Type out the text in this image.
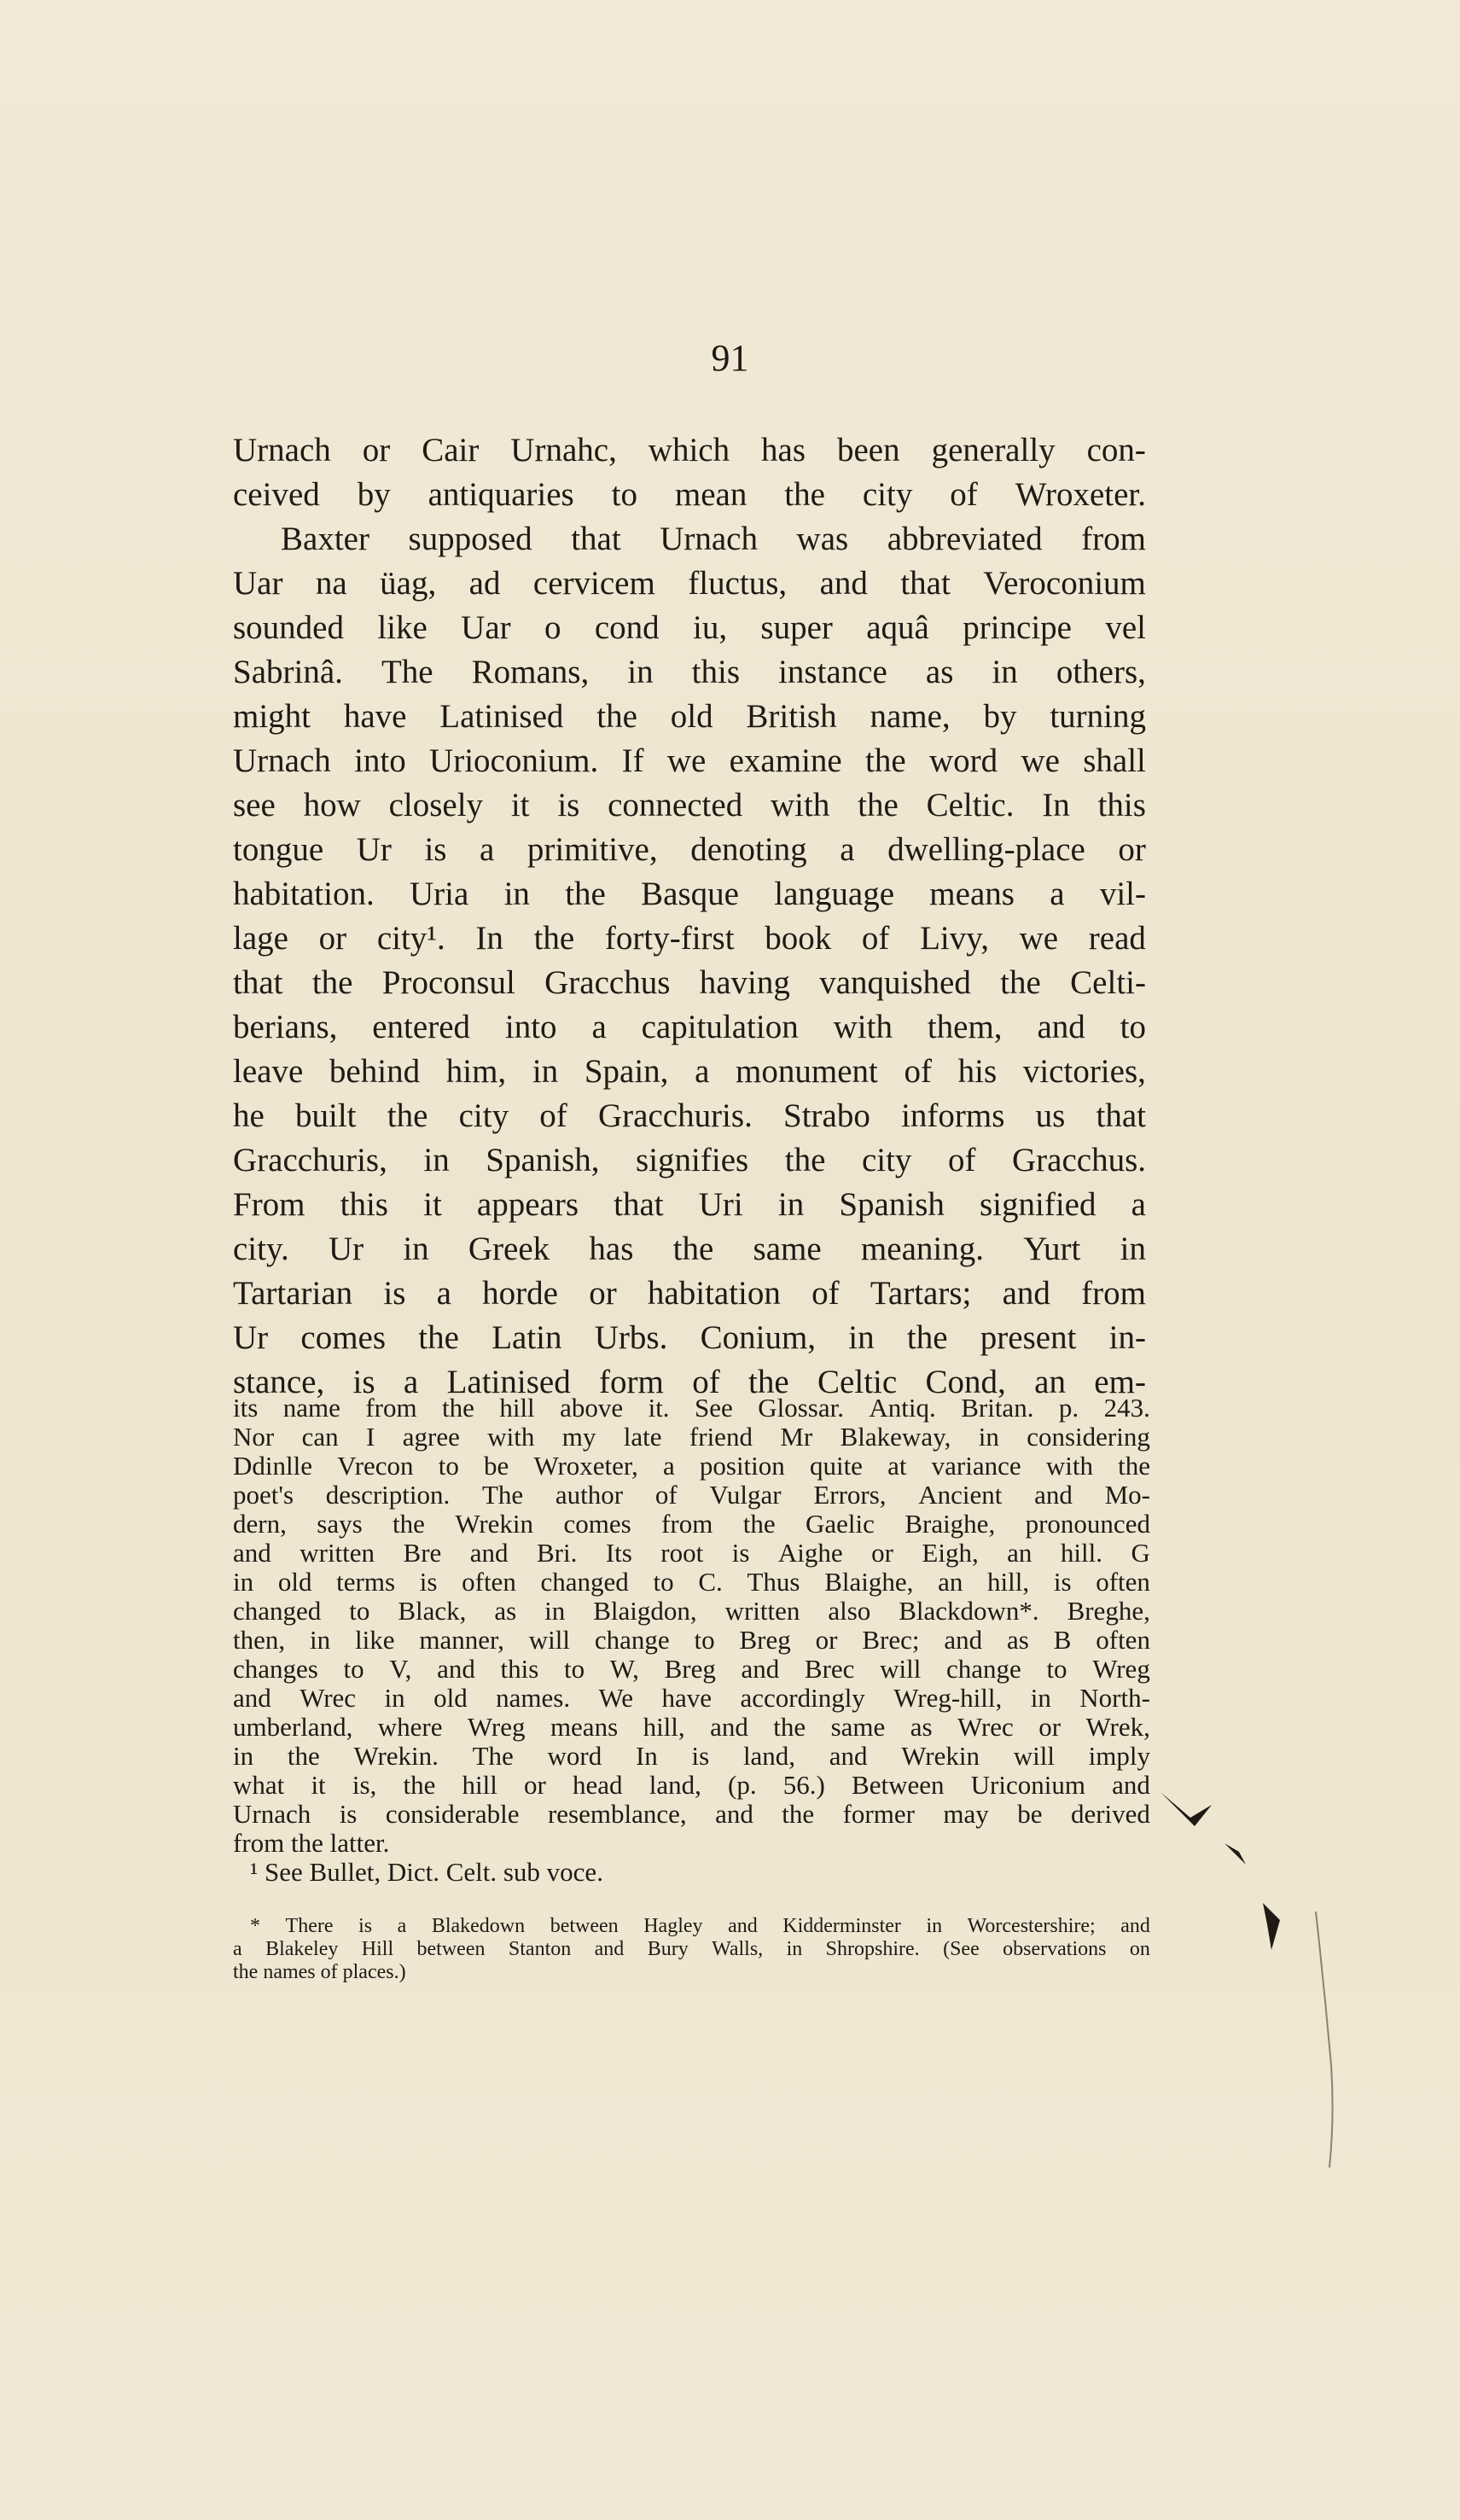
91
Urnach or Cair Urnahc, which has been generally con-
ceived by antiquaries to mean the city of Wroxeter.
Baxter supposed that Urnach was abbreviated from
Uar na üag, ad cervicem fluctus, and that Veroconium
sounded like Uar o cond iu, super aquâ principe vel
Sabrinâ. The Romans, in this instance as in others,
might have Latinised the old British name, by turning
Urnach into Urioconium. If we examine the word we shall
see how closely it is connected with the Celtic. In this
tongue Ur is a primitive, denoting a dwelling-place or
habitation. Uria in the Basque language means a vil-
lage or city¹. In the forty-first book of Livy, we read
that the Proconsul Gracchus having vanquished the Celti-
berians, entered into a capitulation with them, and to
leave behind him, in Spain, a monument of his victories,
he built the city of Gracchuris. Strabo informs us that
Gracchuris, in Spanish, signifies the city of Gracchus.
From this it appears that Uri in Spanish signified a
city. Ur in Greek has the same meaning. Yurt in
Tartarian is a horde or habitation of Tartars; and from
Ur comes the Latin Urbs. Conium, in the present in-
stance, is a Latinised form of the Celtic Cond, an em-
its name from the hill above it. See Glossar. Antiq. Britan. p. 243.
Nor can I agree with my late friend Mr Blakeway, in considering
Ddinlle Vrecon to be Wroxeter, a position quite at variance with the
poet's description. The author of Vulgar Errors, Ancient and Mo-
dern, says the Wrekin comes from the Gaelic Braighe, pronounced
and written Bre and Bri. Its root is Aighe or Eigh, an hill. G
in old terms is often changed to C. Thus Blaighe, an hill, is often
changed to Black, as in Blaigdon, written also Blackdown*. Breghe,
then, in like manner, will change to Breg or Brec; and as B often
changes to V, and this to W, Breg and Brec will change to Wreg
and Wrec in old names. We have accordingly Wreg-hill, in North-
umberland, where Wreg means hill, and the same as Wrec or Wrek,
in the Wrekin. The word In is land, and Wrekin will imply
what it is, the hill or head land, (p. 56.) Between Uriconium and
Urnach is considerable resemblance, and the former may be derived
from the latter.
¹ See Bullet, Dict. Celt. sub voce.
* There is a Blakedown between Hagley and Kidderminster in Worcestershire; and
a Blakeley Hill between Stanton and Bury Walls, in Shropshire. (See observations on
the names of places.)
